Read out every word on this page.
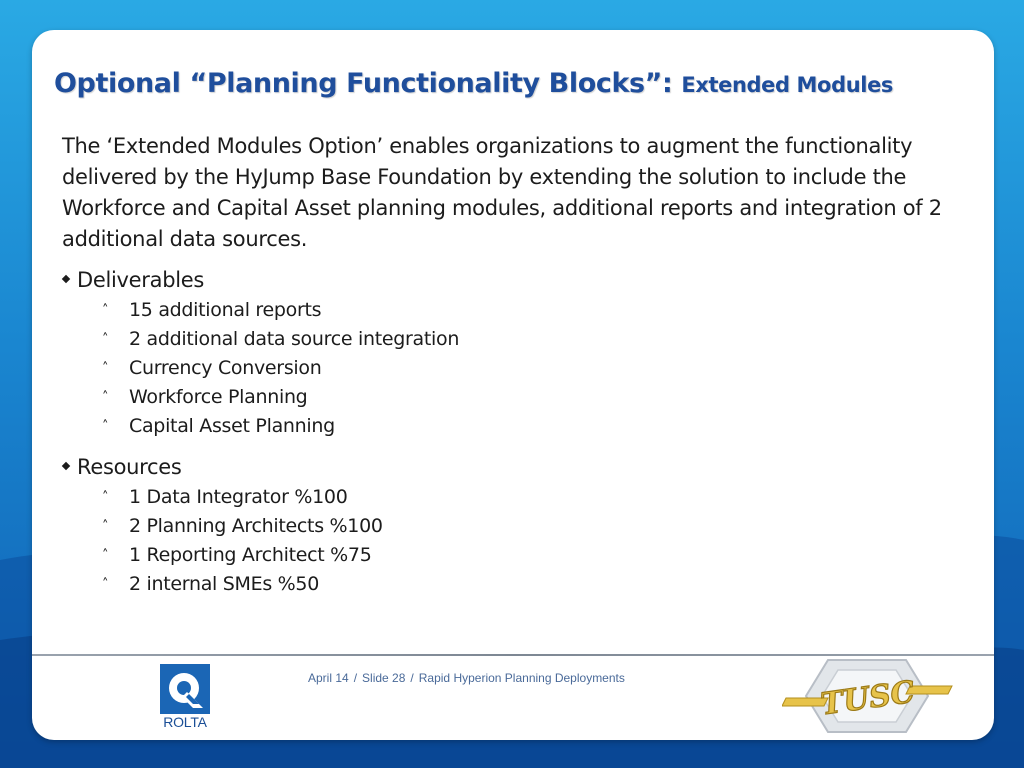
Optional “Planning Functionality Blocks”: Extended Modules

The ‘Extended Modules Option’ enables organizations to augment the functionality delivered by the HyJump Base Foundation by extending the solution to include the Workforce and Capital Asset planning modules, additional reports and integration of 2 additional data sources.

Deliverables
˄ 15 additional reports
˄ 2 additional data source integration
˄ Currency Conversion
˄ Workforce Planning
˄ Capital Asset Planning
Resources
˄ 1 Data Integrator %100
˄ 2 Planning Architects %100
˄ 1 Reporting Architect %75
˄ 2 internal SMEs %50
ROLTA
April 14 / Slide 28 / Rapid Hyperion Planning Deployments	TUSC
